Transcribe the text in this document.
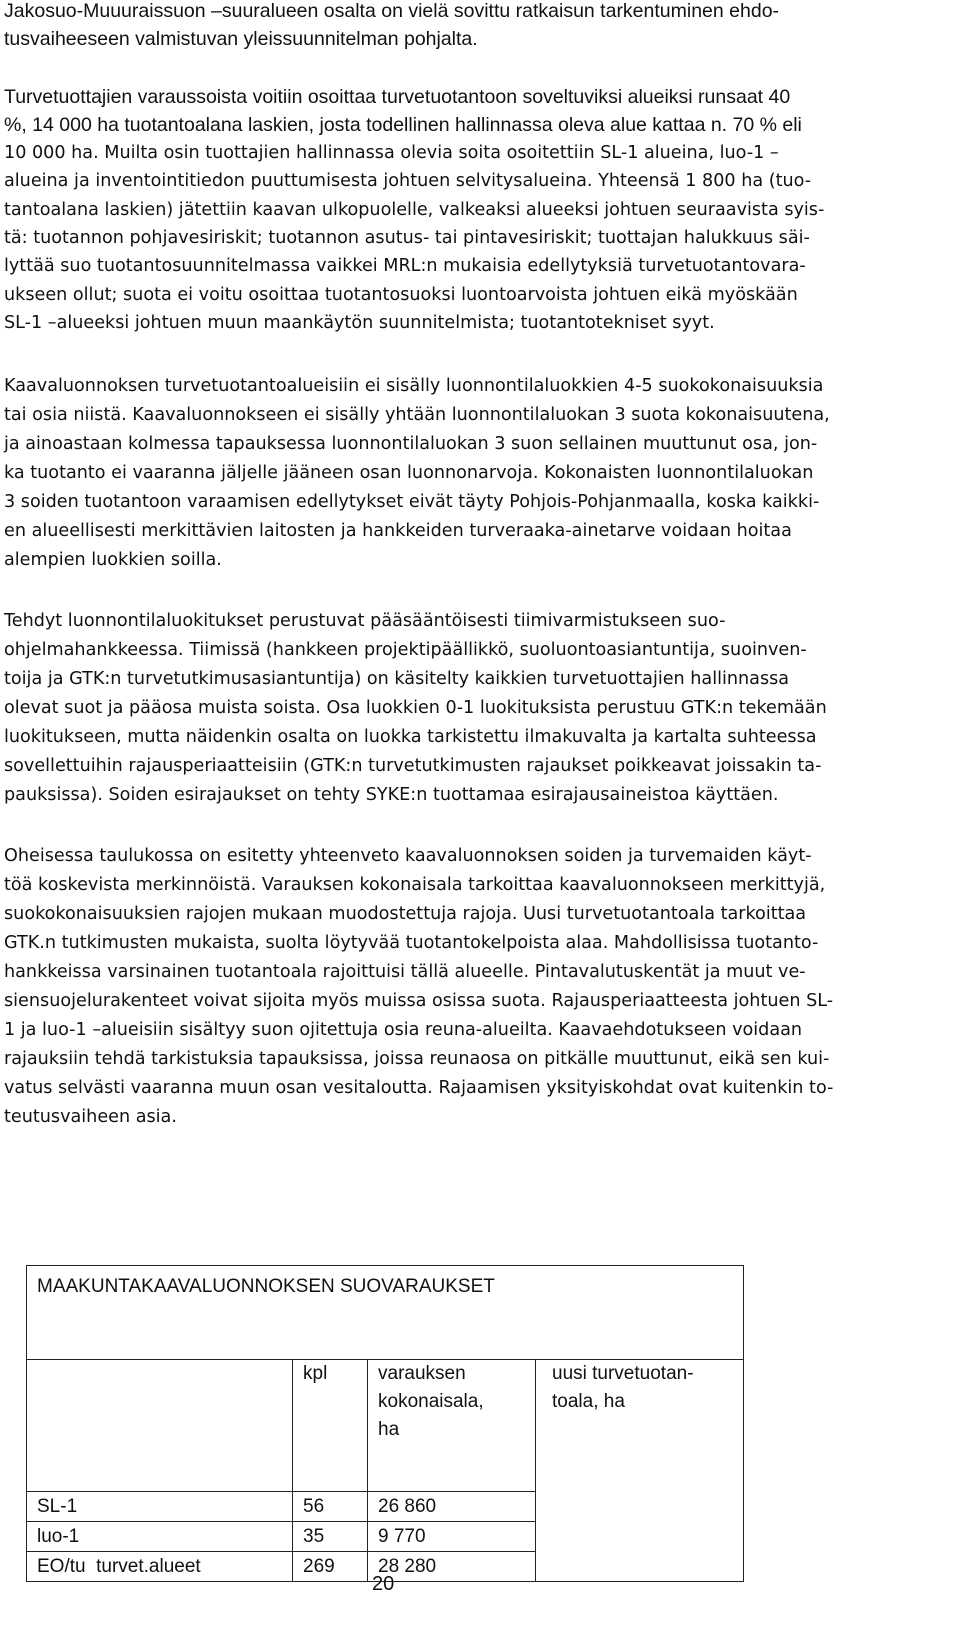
Jakosuo-Muuuraissuon –suuralueen osalta on vielä sovittu ratkaisun tarkentuminen ehdo-

tusvaiheeseen valmistuvan yleissuunnitelman pohjalta.

Turvetuottajien varaussoista voitiin osoittaa turvetuotantoon soveltuviksi alueiksi runsaat 40

%, 14 000 ha tuotantoalana laskien, josta todellinen hallinnassa oleva alue kattaa n. 70 % eli

10 000 ha. Muilta osin tuottajien hallinnassa olevia soita osoitettiin SL-1 alueina, luo-1 –

alueina ja inventointitiedon puuttumisesta johtuen selvitysalueina. Yhteensä 1 800 ha (tuo-

tantoalana laskien) jätettiin kaavan ulkopuolelle, valkeaksi alueeksi johtuen seuraavista syis-

tä: tuotannon pohjavesiriskit; tuotannon asutus- tai pintavesiriskit; tuottajan halukkuus säi-

lyttää suo tuotantosuunnitelmassa vaikkei MRL:n mukaisia edellytyksiä turvetuotantovara-

ukseen ollut; suota ei voitu osoittaa tuotantosuoksi luontoarvoista johtuen eikä myöskään

SL-1 –alueeksi johtuen muun maankäytön suunnitelmista; tuotantotekniset syyt.

Kaavaluonnoksen turvetuotantoalueisiin ei sisälly luonnontilaluokkien 4-5 suokokonaisuuksia

tai osia niistä. Kaavaluonnokseen ei sisälly yhtään luonnontilaluokan 3 suota kokonaisuutena,

ja ainoastaan kolmessa tapauksessa luonnontilaluokan 3 suon sellainen muuttunut osa, jon-

ka tuotanto ei vaaranna jäljelle jääneen osan luonnonarvoja. Kokonaisten luonnontilaluokan

3 soiden tuotantoon varaamisen edellytykset eivät täyty Pohjois-Pohjanmaalla, koska kaikki-

en alueellisesti merkittävien laitosten ja hankkeiden turveraaka-ainetarve voidaan hoitaa

alempien luokkien soilla.

Tehdyt luonnontilaluokitukset perustuvat pääsääntöisesti tiimivarmistukseen suo-

ohjelmahankkeessa. Tiimissä (hankkeen projektipäällikkö, suoluontoasiantuntija, suoinven-

toija ja GTK:n turvetutkimusasiantuntija) on käsitelty kaikkien turvetuottajien hallinnassa

olevat suot ja pääosa muista soista. Osa luokkien 0-1 luokituksista perustuu GTK:n tekemään

luokitukseen, mutta näidenkin osalta on luokka tarkistettu ilmakuvalta ja kartalta suhteessa

sovellettuihin rajausperiaatteisiin (GTK:n turvetutkimusten rajaukset poikkeavat joissakin ta-

pauksissa). Soiden esirajaukset on tehty SYKE:n tuottamaa esirajausaineistoa käyttäen.

Oheisessa taulukossa on esitetty yhteenveto kaavaluonnoksen soiden ja turvemaiden käyt-

töä koskevista merkinnöistä. Varauksen kokonaisala tarkoittaa kaavaluonnokseen merkittyjä,

suokokonaisuuksien rajojen mukaan muodostettuja rajoja. Uusi turvetuotantoala tarkoittaa

GTK.n tutkimusten mukaista, suolta löytyvää tuotantokelpoista alaa. Mahdollisissa tuotanto-

hankkeissa varsinainen tuotantoala rajoittuisi tällä alueelle. Pintavalutuskentät ja muut ve-

siensuojelurakenteet voivat sijoita myös muissa osissa suota. Rajausperiaatteesta johtuen SL-

1 ja luo-1 –alueisiin sisältyy suon ojitettuja osia reuna-alueilta. Kaavaehdotukseen voidaan

rajauksiin tehdä tarkistuksia tapauksissa, joissa reunaosa on pitkälle muuttunut, eikä sen kui-

vatus selvästi vaaranna muun osan vesitaloutta. Rajaamisen yksityiskohdat ovat kuitenkin to-

teutusvaiheen asia.

MAAKUNTAKAAVALUONNOKSEN SUOVARAUKSET			
	kpl	varauksen
kokonaisala,
ha	uusi turvetuotan-
toala, ha
SL-1	56	26 860	
luo-1	35	9 770	
EO/tu  turvet.alueet	269	28 280	
20
